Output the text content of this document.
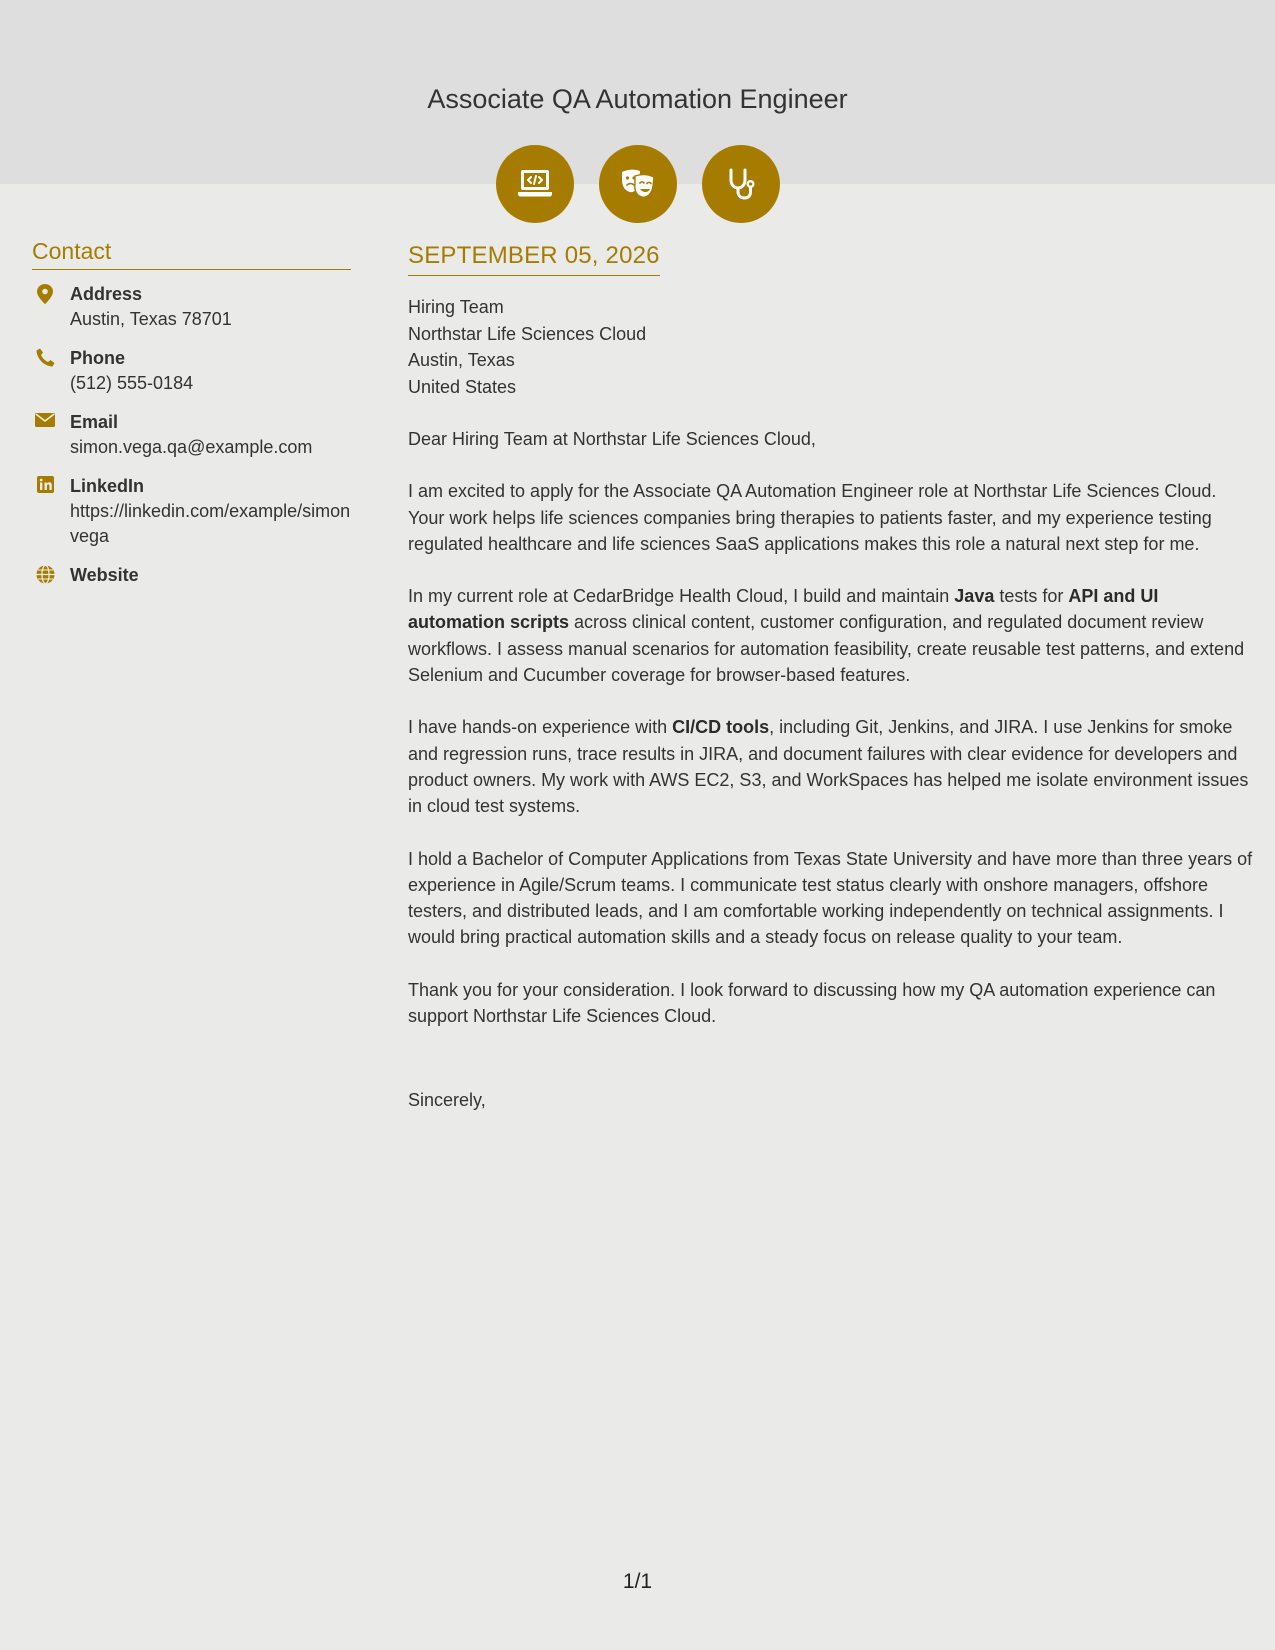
Associate QA Automation Engineer
Contact
Address
Austin, Texas 78701
Phone
(512) 555-0184
Email
simon.vega.qa@example.com
LinkedIn
https://linkedin.com/example/simonvega
Website
SEPTEMBER 05, 2026
Hiring Team
Northstar Life Sciences Cloud
Austin, Texas
United States

Dear Hiring Team at Northstar Life Sciences Cloud,

I am excited to apply for the Associate QA Automation Engineer role at Northstar Life Sciences Cloud. Your work helps life sciences companies bring therapies to patients faster, and my experience testing regulated healthcare and life sciences SaaS applications makes this role a natural next step for me.

In my current role at CedarBridge Health Cloud, I build and maintain Java tests for API and UI automation scripts across clinical content, customer configuration, and regulated document review workflows. I assess manual scenarios for automation feasibility, create reusable test patterns, and extend Selenium and Cucumber coverage for browser-based features.

I have hands-on experience with CI/CD tools, including Git, Jenkins, and JIRA. I use Jenkins for smoke and regression runs, trace results in JIRA, and document failures with clear evidence for developers and product owners. My work with AWS EC2, S3, and WorkSpaces has helped me isolate environment issues in cloud test systems.

I hold a Bachelor of Computer Applications from Texas State University and have more than three years of experience in Agile/Scrum teams. I communicate test status clearly with onshore managers, offshore testers, and distributed leads, and I am comfortable working independently on technical assignments. I would bring practical automation skills and a steady focus on release quality to your team.

Thank you for your consideration. I look forward to discussing how my QA automation experience can support Northstar Life Sciences Cloud.

Sincerely,
1/1
